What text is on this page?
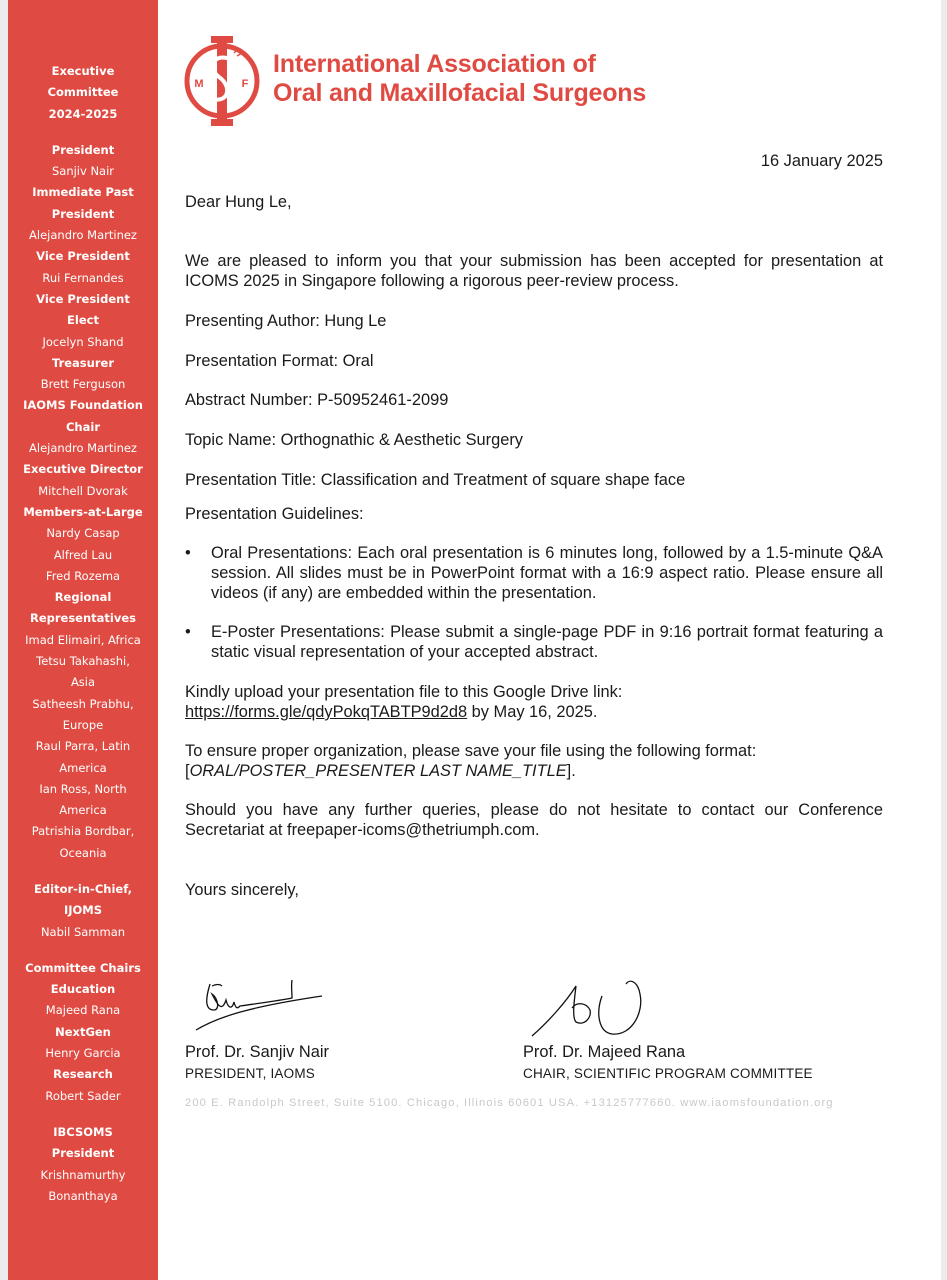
Executive
Committee
2024-2025
President
Sanjiv Nair
Immediate Past
President
Alejandro Martinez
Vice President
Rui Fernandes
Vice President
Elect
Jocelyn Shand
Treasurer
Brett Ferguson
IAOMS Foundation
Chair
Alejandro Martinez
Executive Director
Mitchell Dvorak
Members-at-Large
Nardy Casap
Alfred Lau
Fred Rozema
Regional
Representatives
Imad Elimairi, Africa
Tetsu Takahashi,
Asia
Satheesh Prabhu,
Europe
Raul Parra, Latin
America
Ian Ross, North
America
Patrishia Bordbar,
Oceania
Editor-in-Chief,
IJOMS
Nabil Samman
Committee Chairs
Education
Majeed Rana
NextGen
Henry Garcia
Research
Robert Sader
IBCSOMS
President
Krishnamurthy
Bonanthaya
M	F
International Association of
Oral and Maxillofacial Surgeons
16 January 2025
Dear Hung Le,
We are pleased to inform you that your submission has been accepted for presentation at ICOMS 2025 in Singapore following a rigorous peer-review process.
Presenting Author: Hung Le
Presentation Format: Oral
Abstract Number: P-50952461-2099
Topic Name: Orthognathic & Aesthetic Surgery
Presentation Title: Classification and Treatment of square shape face
Presentation Guidelines:
• Oral Presentations: Each oral presentation is 6 minutes long, followed by a 1.5-minute Q&A session. All slides must be in PowerPoint format with a 16:9 aspect ratio. Please ensure all videos (if any) are embedded within the presentation.
• E-Poster Presentations: Please submit a single-page PDF in 9:16 portrait format featuring a static visual representation of your accepted abstract.
Kindly upload your presentation file to this Google Drive link:
https://forms.gle/qdyPokqTABTP9d2d8 by May 16, 2025.
To ensure proper organization, please save your file using the following format:
[ORAL/POSTER_PRESENTER LAST NAME_TITLE].
Should you have any further queries, please do not hesitate to contact our Conference Secretariat at freepaper-icoms@thetriumph.com.
Yours sincerely,
Prof. Dr. Sanjiv Nair
PRESIDENT, IAOMS
Prof. Dr. Majeed Rana
CHAIR, SCIENTIFIC PROGRAM COMMITTEE
200 E. Randolph Street, Suite 5100. Chicago, Illinois 60601 USA. +13125777660. www.iaomsfoundation.org
